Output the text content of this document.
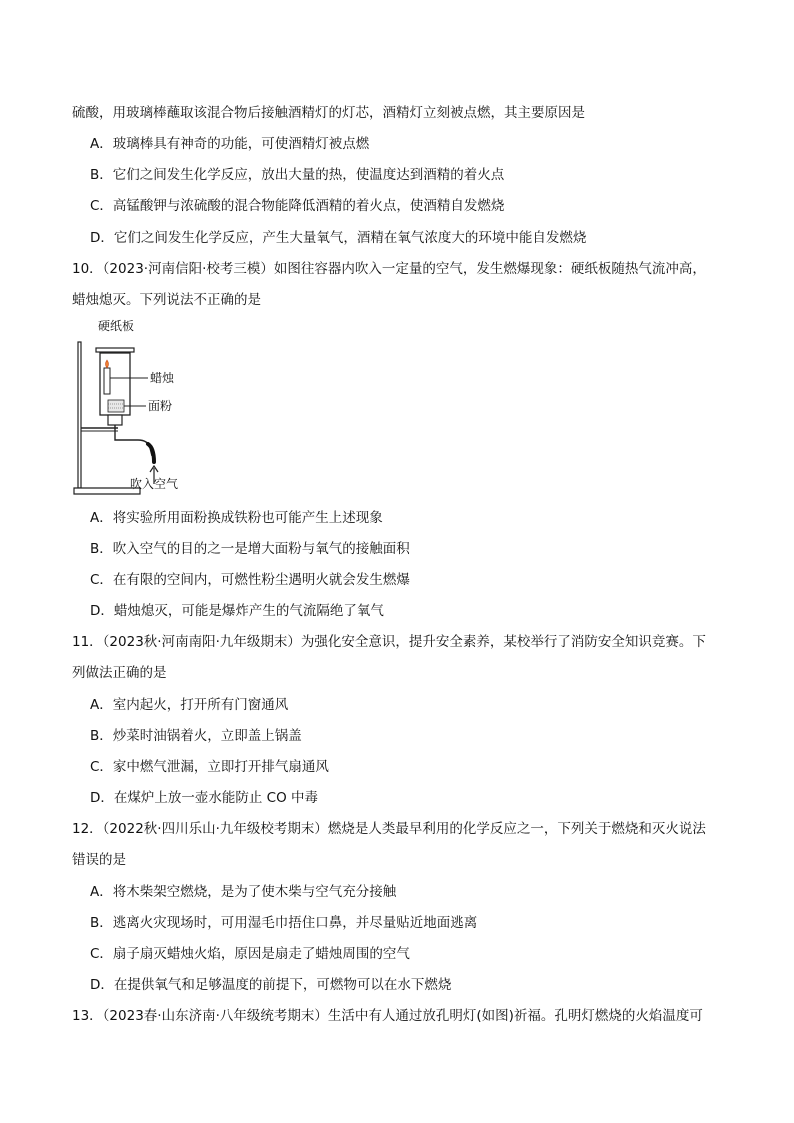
硫酸，用玻璃棒蘸取该混合物后接触酒精灯的灯芯，酒精灯立刻被点燃，其主要原因是
A．玻璃棒具有神奇的功能，可使酒精灯被点燃
B．它们之间发生化学反应，放出大量的热，使温度达到酒精的着火点
C．高锰酸钾与浓硫酸的混合物能降低酒精的着火点，使酒精自发燃烧
D．它们之间发生化学反应，产生大量氧气，酒精在氧气浓度大的环境中能自发燃烧
10．（2023·河南信阳·校考三模）如图往容器内吹入一定量的空气，发生燃爆现象：硬纸板随热气流冲高，
蜡烛熄灭。下列说法不正确的是
硬纸板
蜡烛
面粉
吹入空气
A．将实验所用面粉换成铁粉也可能产生上述现象
B．吹入空气的目的之一是增大面粉与氧气的接触面积
C．在有限的空间内，可燃性粉尘遇明火就会发生燃爆
D．蜡烛熄灭，可能是爆炸产生的气流隔绝了氧气
11．（2023秋·河南南阳·九年级期末）为强化安全意识，提升安全素养，某校举行了消防安全知识竞赛。下
列做法正确的是
A．室内起火，打开所有门窗通风
B．炒菜时油锅着火，立即盖上锅盖
C．家中燃气泄漏，立即打开排气扇通风
D．在煤炉上放一壶水能防止 CO 中毒
12．（2022秋·四川乐山·九年级校考期末）燃烧是人类最早利用的化学反应之一，下列关于燃烧和灭火说法
错误的是
A．将木柴架空燃烧，是为了使木柴与空气充分接触
B．逃离火灾现场时，可用湿毛巾捂住口鼻，并尽量贴近地面逃离
C．扇子扇灭蜡烛火焰，原因是扇走了蜡烛周围的空气
D．在提供氧气和足够温度的前提下，可燃物可以在水下燃烧
13．（2023春·山东济南·八年级统考期末）生活中有人通过放孔明灯(如图)祈福。孔明灯燃烧的火焰温度可
